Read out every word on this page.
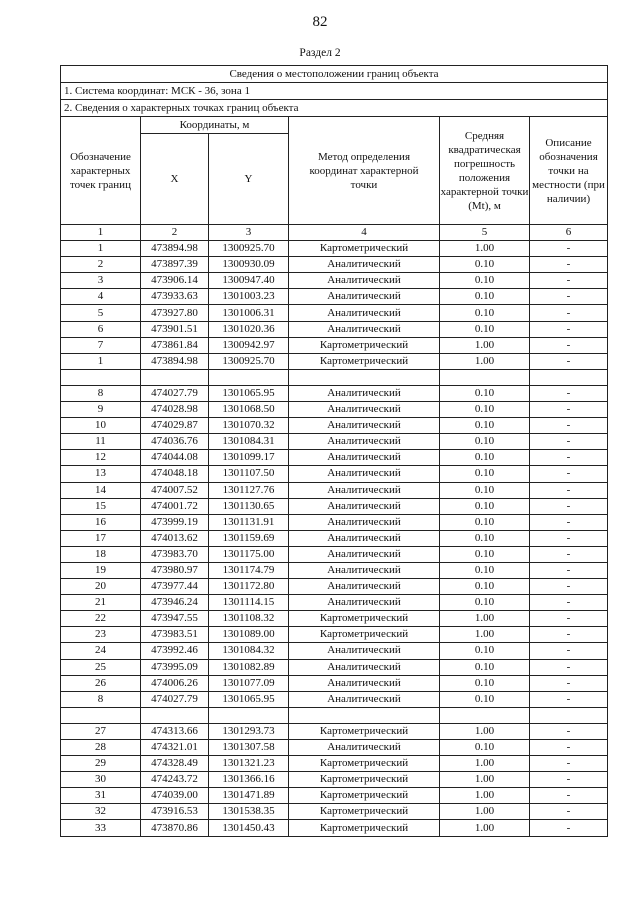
82
Раздел 2
Сведения о местоположении границ объекта					
1. Система координат: МСК - 36, зона 1					
2. Сведения о характерных точках границ объекта					
Обозначение характерных точек границ	Координаты, м		Метод определения координат характерной точки	Средняя квадратическая погрешность положения характерной точки (Mt), м	Описание обозначения точки на местности (при наличии)
	X	Y			
1	2	3	4	5	6
1	473894.98	1300925.70	Картометрический	1.00	-
2	473897.39	1300930.09	Аналитический	0.10	-
3	473906.14	1300947.40	Аналитический	0.10	-
4	473933.63	1301003.23	Аналитический	0.10	-
5	473927.80	1301006.31	Аналитический	0.10	-
6	473901.51	1301020.36	Аналитический	0.10	-
7	473861.84	1300942.97	Картометрический	1.00	-
1	473894.98	1300925.70	Картометрический	1.00	-

8	474027.79	1301065.95	Аналитический	0.10	-
9	474028.98	1301068.50	Аналитический	0.10	-
10	474029.87	1301070.32	Аналитический	0.10	-
11	474036.76	1301084.31	Аналитический	0.10	-
12	474044.08	1301099.17	Аналитический	0.10	-
13	474048.18	1301107.50	Аналитический	0.10	-
14	474007.52	1301127.76	Аналитический	0.10	-
15	474001.72	1301130.65	Аналитический	0.10	-
16	473999.19	1301131.91	Аналитический	0.10	-
17	474013.62	1301159.69	Аналитический	0.10	-
18	473983.70	1301175.00	Аналитический	0.10	-
19	473980.97	1301174.79	Аналитический	0.10	-
20	473977.44	1301172.80	Аналитический	0.10	-
21	473946.24	1301114.15	Аналитический	0.10	-
22	473947.55	1301108.32	Картометрический	1.00	-
23	473983.51	1301089.00	Картометрический	1.00	-
24	473992.46	1301084.32	Аналитический	0.10	-
25	473995.09	1301082.89	Аналитический	0.10	-
26	474006.26	1301077.09	Аналитический	0.10	-
8	474027.79	1301065.95	Аналитический	0.10	-

27	474313.66	1301293.73	Картометрический	1.00	-
28	474321.01	1301307.58	Аналитический	0.10	-
29	474328.49	1301321.23	Картометрический	1.00	-
30	474243.72	1301366.16	Картометрический	1.00	-
31	474039.00	1301471.89	Картометрический	1.00	-
32	473916.53	1301538.35	Картометрический	1.00	-
33	473870.86	1301450.43	Картометрический	1.00	-
